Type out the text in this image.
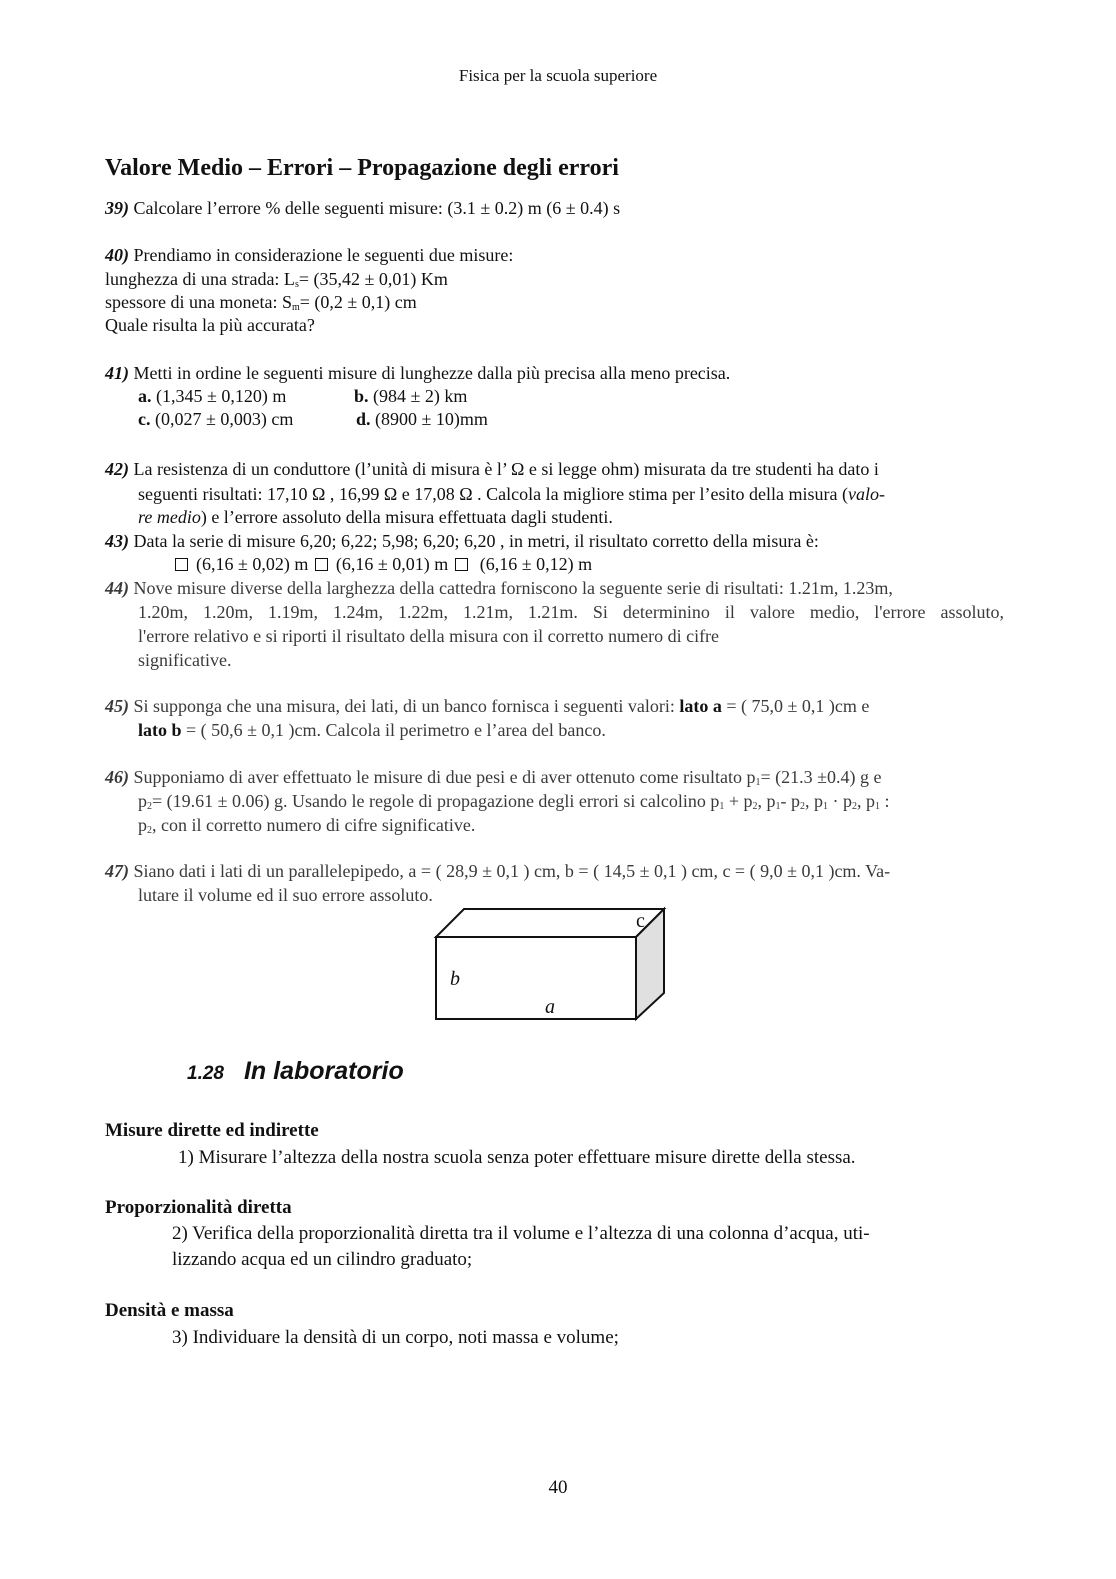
Fisica per la scuola superiore
Valore Medio – Errori – Propagazione degli errori
39) Calcolare l’errore % delle seguenti misure: (3.1 ± 0.2) m (6 ± 0.4) s
40) Prendiamo in considerazione le seguenti due misure:
lunghezza di una strada: $L_s= (35,42 \pm 0,01)$ Km
spessore di una moneta: $S_m= (0,2 \pm 0,1)$ cm
Quale risulta la più accurata?
41) Metti in ordine le seguenti misure di lunghezze dalla più precisa alla meno precisa.
a. (1,345 ± 0,120) m	b. (984 ± 2) km
c. (0,027 ± 0,003) cm	d. (8900 ± 10)mm
42) La resistenza di un conduttore (l’unità di misura è l’ Ω e si legge ohm) misurata da tre studenti ha dato i
seguenti risultati: 17,10 Ω , 16,99 Ω e 17,08 Ω . Calcola la migliore stima per l’esito della misura (valo-
re medio) e l’errore assoluto della misura effettuata dagli studenti.
43) Data la serie di misure 6,20; 6,22; 5,98; 6,20; 6,20 , in metri, il risultato corretto della misura è:
(6,16 ± 0,02) m (6,16 ± 0,01) m (6,16 ± 0,12) m
44) Nove misure diverse della larghezza della cattedra forniscono la seguente serie di risultati: 1.21m, 1.23m,
1.20m, 1.20m, 1.19m, 1.24m, 1.22m, 1.21m, 1.21m. Si determinino il valore medio, l'errore assoluto,
l'errore relativo e si riporti il risultato della misura con il corretto numero di cifre
significative.
45) Si supponga che una misura, dei lati, di un banco fornisca i seguenti valori: lato a = ( 75,0 ± 0,1 )cm e
lato b = ( 50,6 ± 0,1 )cm. Calcola il perimetro e l’area del banco.
46) Supponiamo di aver effettuato le misure di due pesi e di aver ottenuto come risultato $p_1= (21.3 \pm 0.4)$ g e
$p_2= (19.61 \pm 0.06)$ g. Usando le regole di propagazione degli errori si calcolino $p_1 + p_2$, $p_1-$ $p_2$, $p_1 \cdot p_2$, $p_1$ :
$p_2$, con il corretto numero di cifre significative.
47) Siano dati i lati di un parallelepipedo, a = ( 28,9 ± 0,1 ) cm, b = ( 14,5 ± 0,1 ) cm, c = ( 9,0 ± 0,1 )cm. Va-
lutare il volume ed il suo errore assoluto.
b
a
c
1.28 In laboratorio
Misure dirette ed indirette
1) Misurare l’altezza della nostra scuola senza poter effettuare misure dirette della stessa.
Proporzionalità diretta
2) Verifica della proporzionalità diretta tra il volume e l’altezza di una colonna d’acqua, uti-
lizzando acqua ed un cilindro graduato;
Densità e massa
3) Individuare la densità di un corpo, noti massa e volume;
40
